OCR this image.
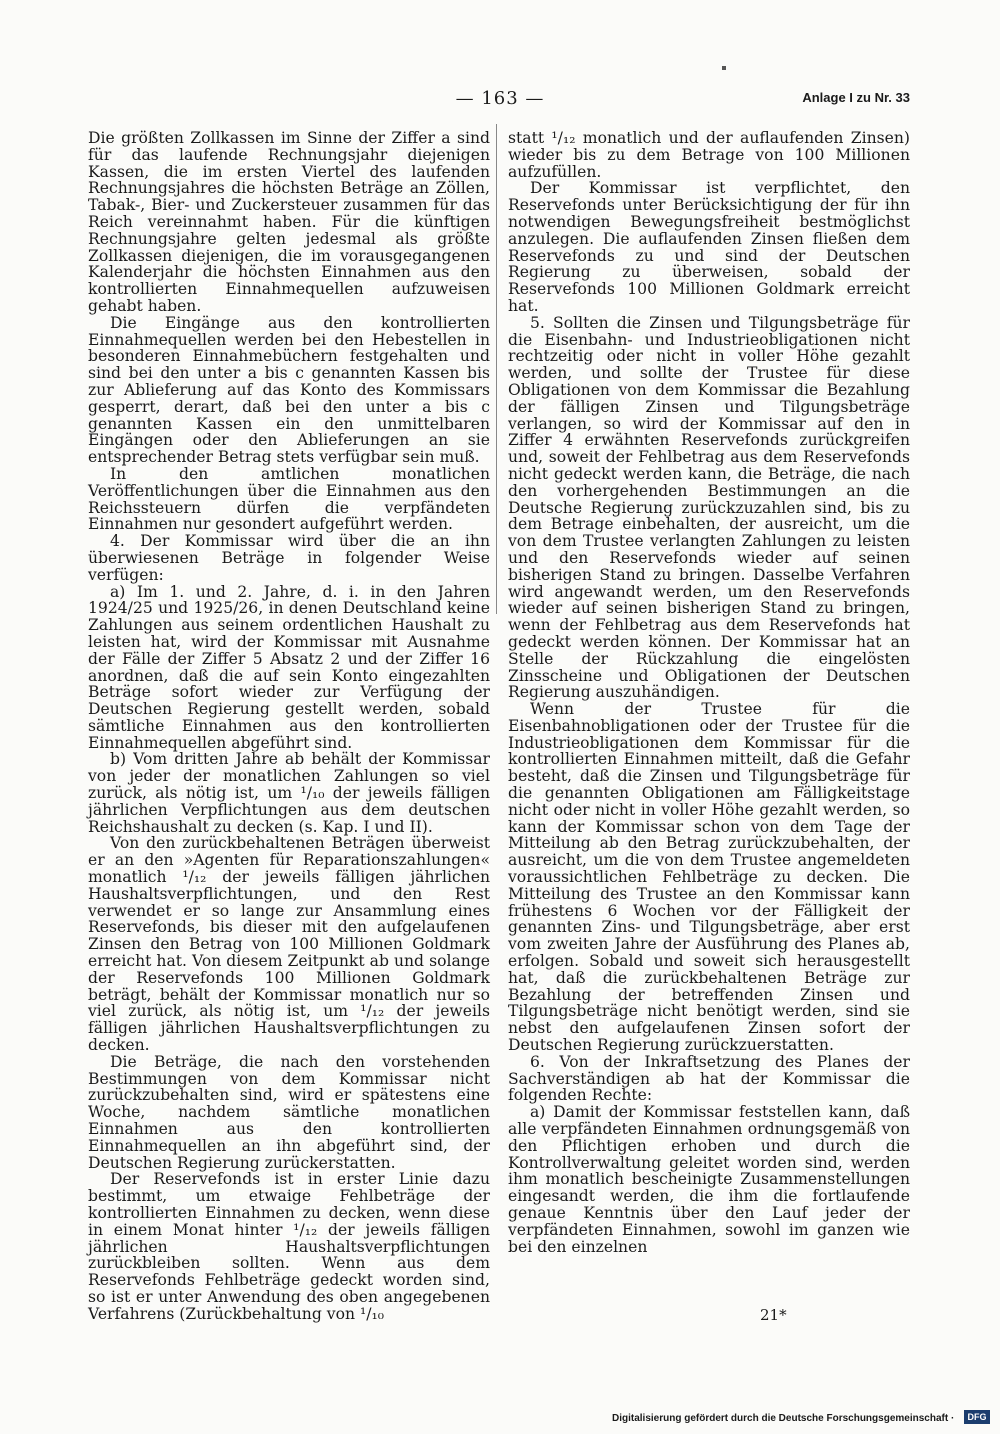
— 163 —	Anlage I zu Nr. 33

Die größten Zollkassen im Sinne der Ziffer a sind für das laufende Rechnungsjahr diejenigen Kassen, die im ersten Viertel des laufenden Rechnungsjahres die höchsten Beträge an Zöllen, Tabak-, Bier- und Zuckersteuer zusammen für das Reich vereinnahmt haben. Für die künftigen Rechnungsjahre gelten jedesmal als größte Zollkassen diejenigen, die im vorausgegangenen Kalenderjahr die höchsten Einnahmen aus den kontrollierten Einnahmequellen aufzuweisen gehabt haben.

Die Eingänge aus den kontrollierten Einnahmequellen werden bei den Hebestellen in besonderen Einnahmebüchern festgehalten und sind bei den unter a bis c genannten Kassen bis zur Ablieferung auf das Konto des Kommissars gesperrt, derart, daß bei den unter a bis c genannten Kassen ein den unmittelbaren Eingängen oder den Ablieferungen an sie entsprechender Betrag stets verfügbar sein muß.

In den amtlichen monatlichen Veröffentlichungen über die Einnahmen aus den Reichssteuern dürfen die verpfändeten Einnahmen nur gesondert aufgeführt werden.

4. Der Kommissar wird über die an ihn überwiesenen Beträge in folgender Weise verfügen:

a) Im 1. und 2. Jahre, d. i. in den Jahren 1924/25 und 1925/26, in denen Deutschland keine Zahlungen aus seinem ordentlichen Haushalt zu leisten hat, wird der Kommissar mit Ausnahme der Fälle der Ziffer 5 Absatz 2 und der Ziffer 16 anordnen, daß die auf sein Konto eingezahlten Beträge sofort wieder zur Verfügung der Deutschen Regierung gestellt werden, sobald sämtliche Einnahmen aus den kontrollierten Einnahmequellen abgeführt sind.

b) Vom dritten Jahre ab behält der Kommissar von jeder der monatlichen Zahlungen so viel zurück, als nötig ist, um ¹/₁₀ der jeweils fälligen jährlichen Verpflichtungen aus dem deutschen Reichshaushalt zu decken (s. Kap. I und II).

Von den zurückbehaltenen Beträgen überweist er an den »Agenten für Reparationszahlungen« monatlich ¹/₁₂ der jeweils fälligen jährlichen Haushaltsverpflichtungen, und den Rest verwendet er so lange zur Ansammlung eines Reservefonds, bis dieser mit den aufgelaufenen Zinsen den Betrag von 100 Millionen Goldmark erreicht hat. Von diesem Zeitpunkt ab und solange der Reservefonds 100 Millionen Goldmark beträgt, behält der Kommissar monatlich nur so viel zurück, als nötig ist, um ¹/₁₂ der jeweils fälligen jährlichen Haushaltsverpflichtungen zu decken.

Die Beträge, die nach den vorstehenden Bestimmungen von dem Kommissar nicht zurückzubehalten sind, wird er spätestens eine Woche, nachdem sämtliche monatlichen Einnahmen aus den kontrollierten Einnahmequellen an ihn abgeführt sind, der Deutschen Regierung zurückerstatten.

Der Reservefonds ist in erster Linie dazu bestimmt, um etwaige Fehlbeträge der kontrollierten Einnahmen zu decken, wenn diese in einem Monat hinter ¹/₁₂ der jeweils fälligen jährlichen Haushaltsverpflichtungen zurückbleiben sollten. Wenn aus dem Reservefonds Fehlbeträge gedeckt worden sind, so ist er unter Anwendung des oben angegebenen Verfahrens (Zurückbehaltung von ¹/₁₀

statt ¹/₁₂ monatlich und der auflaufenden Zinsen) wieder bis zu dem Betrage von 100 Millionen aufzufüllen.

Der Kommissar ist verpflichtet, den Reservefonds unter Berücksichtigung der für ihn notwendigen Bewegungsfreiheit bestmöglichst anzulegen. Die auflaufenden Zinsen fließen dem Reservefonds zu und sind der Deutschen Regierung zu überweisen, sobald der Reservefonds 100 Millionen Goldmark erreicht hat.

5. Sollten die Zinsen und Tilgungsbeträge für die Eisenbahn- und Industrieobligationen nicht rechtzeitig oder nicht in voller Höhe gezahlt werden, und sollte der Trustee für diese Obligationen von dem Kommissar die Bezahlung der fälligen Zinsen und Tilgungsbeträge verlangen, so wird der Kommissar auf den in Ziffer 4 erwähnten Reservefonds zurückgreifen und, soweit der Fehlbetrag aus dem Reservefonds nicht gedeckt werden kann, die Beträge, die nach den vorhergehenden Bestimmungen an die Deutsche Regierung zurückzuzahlen sind, bis zu dem Betrage einbehalten, der ausreicht, um die von dem Trustee verlangten Zahlungen zu leisten und den Reservefonds wieder auf seinen bisherigen Stand zu bringen. Dasselbe Verfahren wird angewandt werden, um den Reservefonds wieder auf seinen bisherigen Stand zu bringen, wenn der Fehlbetrag aus dem Reservefonds hat gedeckt werden können. Der Kommissar hat an Stelle der Rückzahlung die eingelösten Zinsscheine und Obligationen der Deutschen Regierung auszuhändigen.

Wenn der Trustee für die Eisenbahnobligationen oder der Trustee für die Industrieobligationen dem Kommissar für die kontrollierten Einnahmen mitteilt, daß die Gefahr besteht, daß die Zinsen und Tilgungsbeträge für die genannten Obligationen am Fälligkeitstage nicht oder nicht in voller Höhe gezahlt werden, so kann der Kommissar schon von dem Tage der Mitteilung ab den Betrag zurückzubehalten, der ausreicht, um die von dem Trustee angemeldeten voraussichtlichen Fehlbeträge zu decken. Die Mitteilung des Trustee an den Kommissar kann frühestens 6 Wochen vor der Fälligkeit der genannten Zins- und Tilgungsbeträge, aber erst vom zweiten Jahre der Ausführung des Planes ab, erfolgen. Sobald und soweit sich herausgestellt hat, daß die zurückbehaltenen Beträge zur Bezahlung der betreffenden Zinsen und Tilgungsbeträge nicht benötigt werden, sind sie nebst den aufgelaufenen Zinsen sofort der Deutschen Regierung zurückzuerstatten.

6. Von der Inkraftsetzung des Planes der Sachverständigen ab hat der Kommissar die folgenden Rechte:

a) Damit der Kommissar feststellen kann, daß alle verpfändeten Einnahmen ordnungsgemäß von den Pflichtigen erhoben und durch die Kontrollverwaltung geleitet worden sind, werden ihm monatlich bescheinigte Zusammenstellungen eingesandt werden, die ihm die fortlaufende genaue Kenntnis über den Lauf jeder der verpfändeten Einnahmen, sowohl im ganzen wie bei den einzelnen

21*
Digitalisierung gefördert durch die Deutsche Forschungsgemeinschaft ·	DFG
